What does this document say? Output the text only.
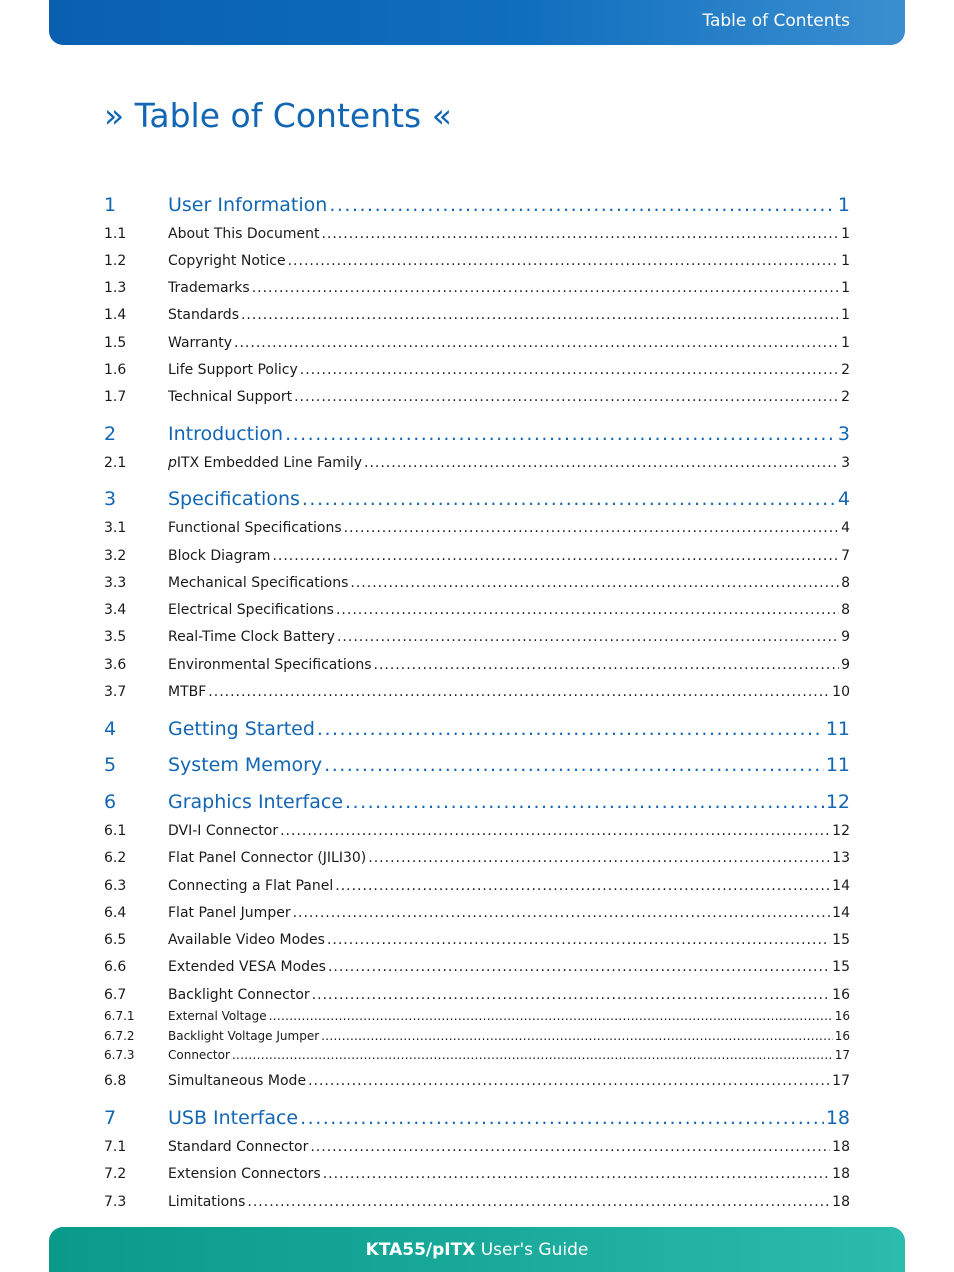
Table of Contents
» Table of Contents «
1	User Information .....	1
1.1	About This Document .....	1
1.2	Copyright Notice .....	1
1.3	Trademarks .....	1
1.4	Standards .....	1
1.5	Warranty .....	1
1.6	Life Support Policy .....	2
1.7	Technical Support .....	2
2	Introduction .....	3
2.1	pITX Embedded Line Family .....	3
3	Specifications .....	4
3.1	Functional Specifications .....	4
3.2	Block Diagram .....	7
3.3	Mechanical Specifications .....	8
3.4	Electrical Specifications .....	8
3.5	Real-Time Clock Battery .....	9
3.6	Environmental Specifications .....	9
3.7	MTBF .....	10
4	Getting Started .....	11
5	System Memory .....	11
6	Graphics Interface .....	12
6.1	DVI-I Connector .....	12
6.2	Flat Panel Connector (JILI30) .....	13
6.3	Connecting a Flat Panel .....	14
6.4	Flat Panel Jumper .....	14
6.5	Available Video Modes .....	15
6.6	Extended VESA Modes .....	15
6.7	Backlight Connector .....	16
6.7.1	External Voltage .....	16
6.7.2	Backlight Voltage Jumper .....	16
6.7.3	Connector .....	17
6.8	Simultaneous Mode .....	17
7	USB Interface .....	18
7.1	Standard Connector .....	18
7.2	Extension Connectors .....	18
7.3	Limitations .....	18
KTA55/pITX User's Guide
